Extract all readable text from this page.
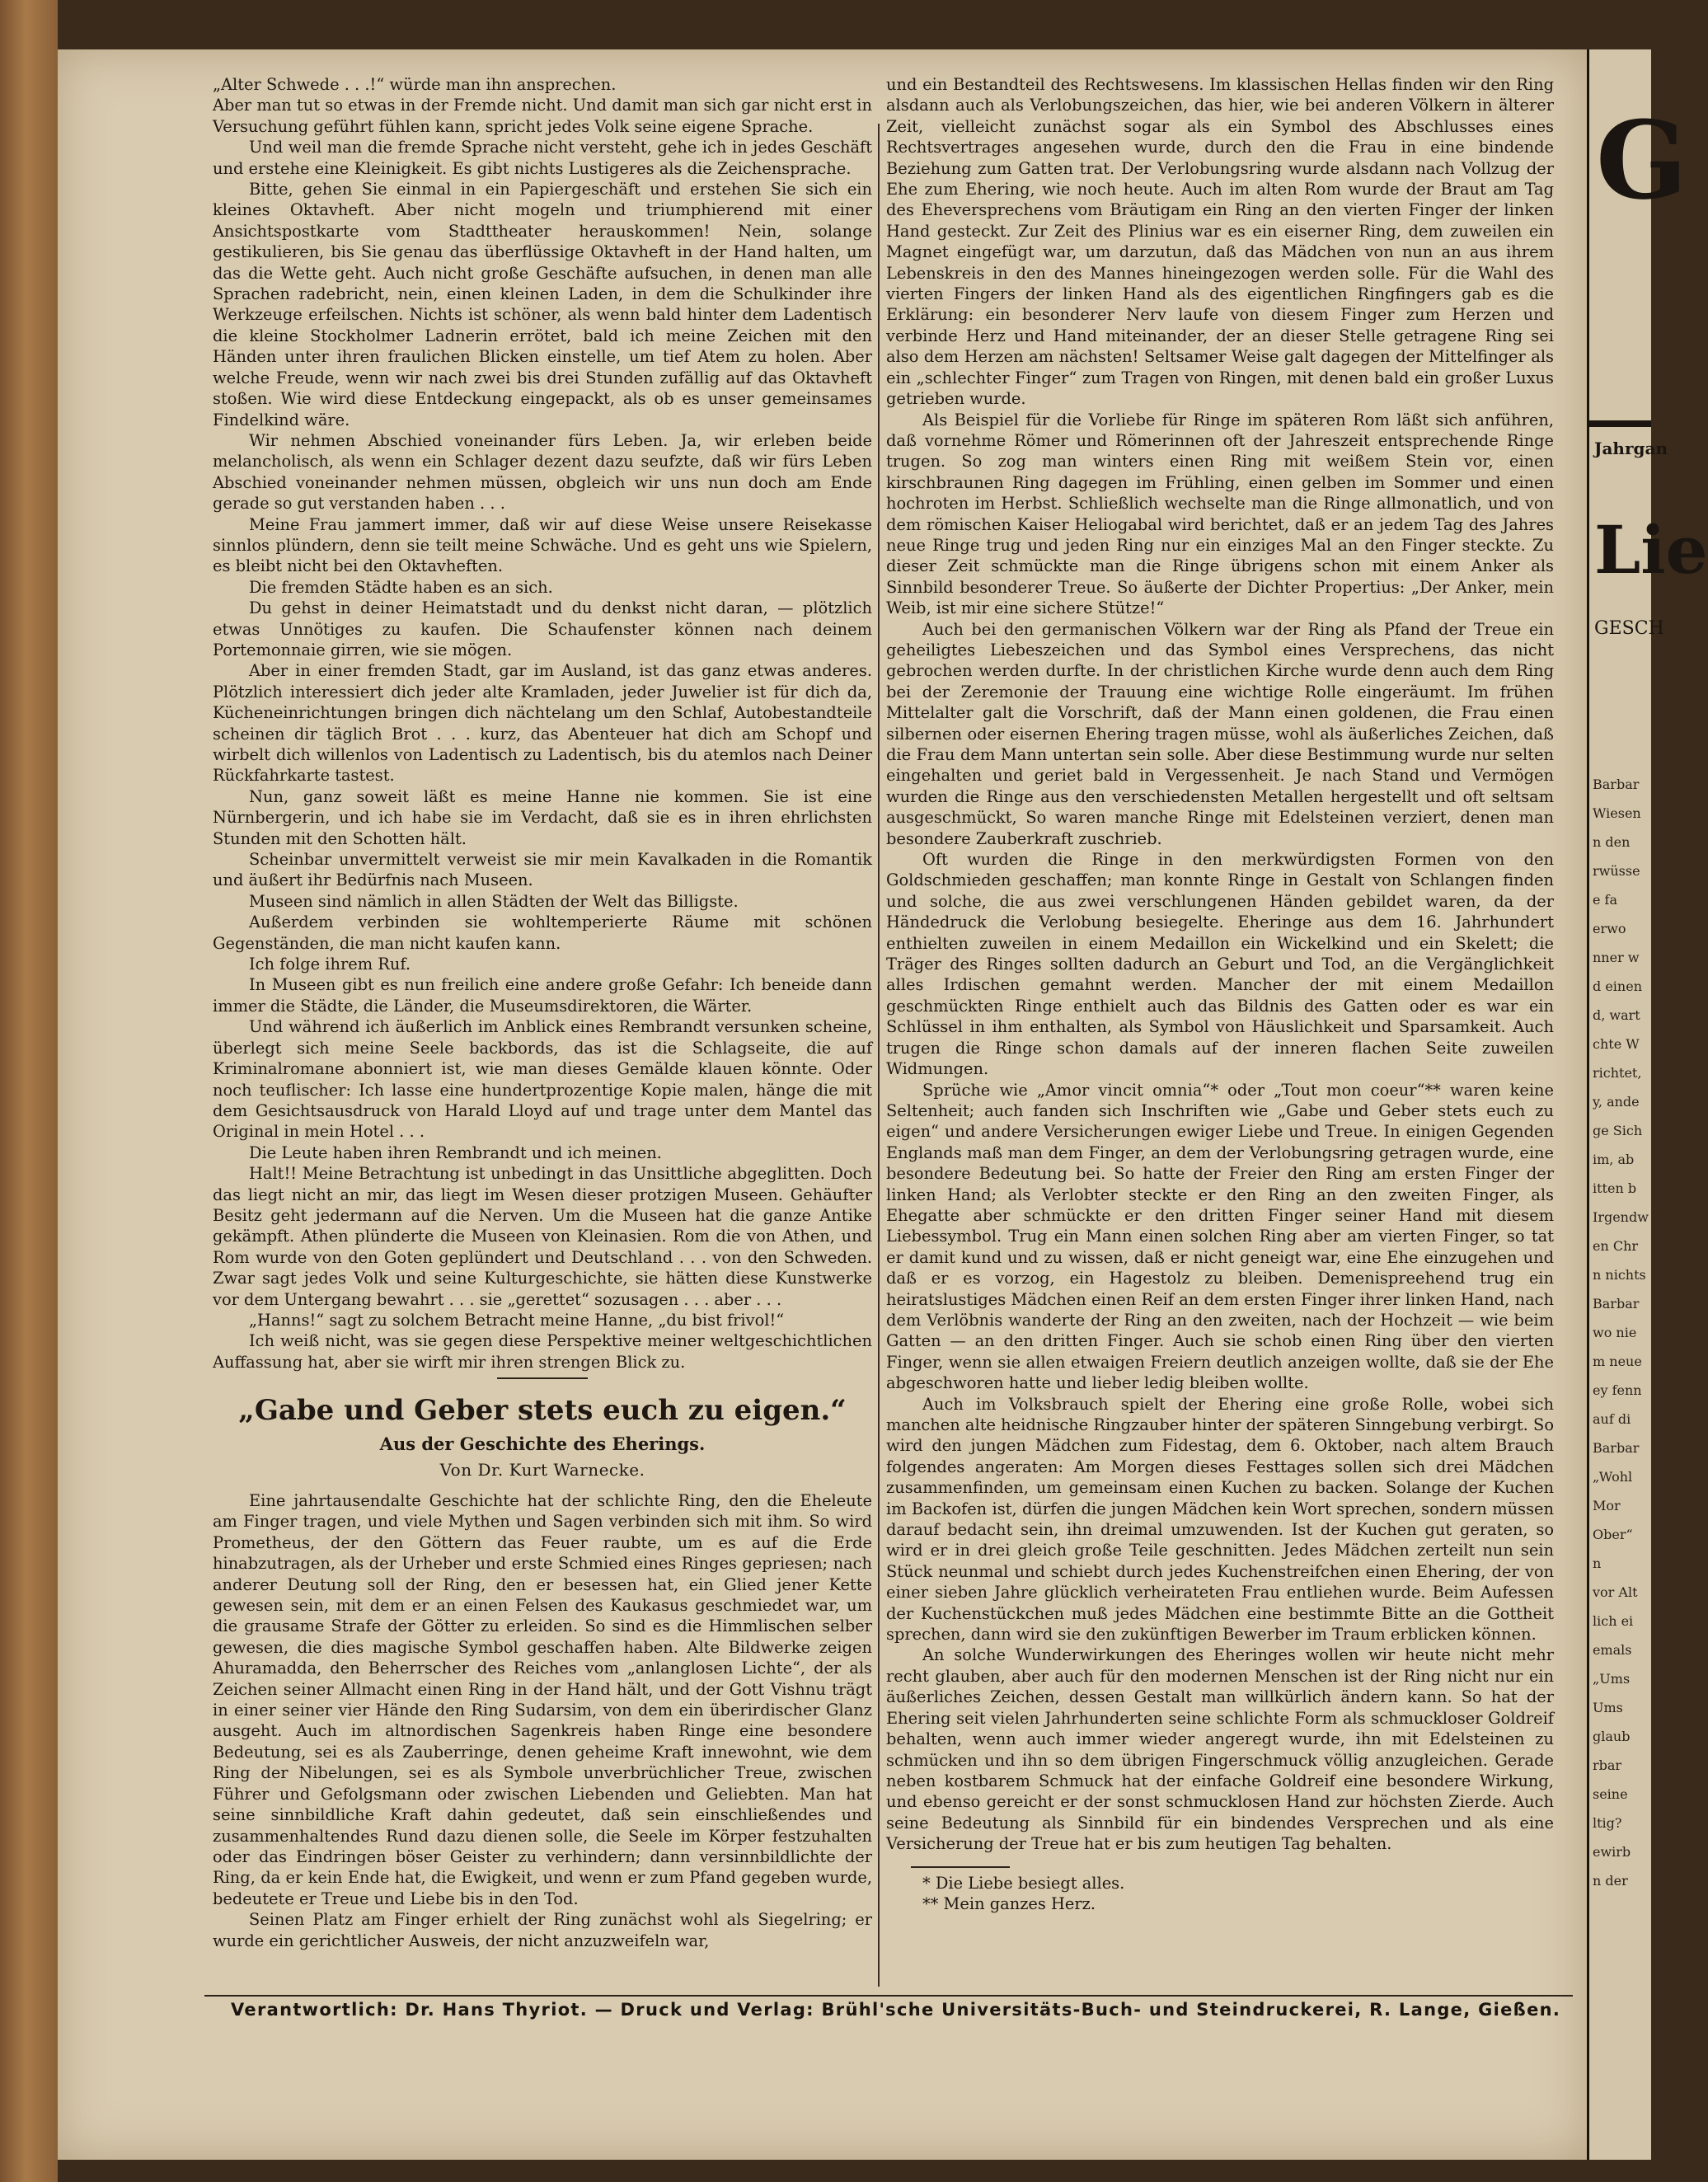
„Alter Schwede . . .!“ würde man ihn ansprechen.

Aber man tut so etwas in der Fremde nicht. Und damit man sich gar nicht erst in Versuchung geführt fühlen kann, spricht jedes Volk seine eigene Sprache.

Und weil man die fremde Sprache nicht versteht, gehe ich in jedes Geschäft und erstehe eine Kleinigkeit. Es gibt nichts Lustigeres als die Zeichensprache.

Bitte, gehen Sie einmal in ein Papiergeschäft und erstehen Sie sich ein kleines Oktavheft. Aber nicht mogeln und triumphierend mit einer Ansichtspostkarte vom Stadttheater herauskommen! Nein, solange gestikulieren, bis Sie genau das überflüssige Oktavheft in der Hand halten, um das die Wette geht. Auch nicht große Geschäfte aufsuchen, in denen man alle Sprachen radebricht, nein, einen kleinen Laden, in dem die Schulkinder ihre Werkzeuge erfeilschen. Nichts ist schöner, als wenn bald hinter dem Ladentisch die kleine Stockholmer Ladnerin errötet, bald ich meine Zeichen mit den Händen unter ihren fraulichen Blicken einstelle, um tief Atem zu holen. Aber welche Freude, wenn wir nach zwei bis drei Stunden zufällig auf das Oktavheft stoßen. Wie wird diese Entdeckung eingepackt, als ob es unser gemeinsames Findelkind wäre.

Wir nehmen Abschied voneinander fürs Leben. Ja, wir erleben beide melancholisch, als wenn ein Schlager dezent dazu seufzte, daß wir fürs Leben Abschied voneinander nehmen müssen, obgleich wir uns nun doch am Ende gerade so gut verstanden haben . . .

Meine Frau jammert immer, daß wir auf diese Weise unsere Reisekasse sinnlos plündern, denn sie teilt meine Schwäche. Und es geht uns wie Spielern, es bleibt nicht bei den Oktavheften.

Die fremden Städte haben es an sich.

Du gehst in deiner Heimatstadt und du denkst nicht daran, — plötzlich etwas Unnötiges zu kaufen. Die Schaufenster können nach deinem Portemonnaie girren, wie sie mögen.

Aber in einer fremden Stadt, gar im Ausland, ist das ganz etwas anderes. Plötzlich interessiert dich jeder alte Kramladen, jeder Juwelier ist für dich da, Kücheneinrichtungen bringen dich nächtelang um den Schlaf, Autobestandteile scheinen dir täglich Brot . . . kurz, das Abenteuer hat dich am Schopf und wirbelt dich willenlos von Ladentisch zu Ladentisch, bis du atemlos nach Deiner Rückfahrkarte tastest.

Nun, ganz soweit läßt es meine Hanne nie kommen. Sie ist eine Nürnbergerin, und ich habe sie im Verdacht, daß sie es in ihren ehrlichsten Stunden mit den Schotten hält.

Scheinbar unvermittelt verweist sie mir mein Kavalkaden in die Romantik und äußert ihr Bedürfnis nach Museen.

Museen sind nämlich in allen Städten der Welt das Billigste.

Außerdem verbinden sie wohltemperierte Räume mit schönen Gegenständen, die man nicht kaufen kann.

Ich folge ihrem Ruf.

In Museen gibt es nun freilich eine andere große Gefahr: Ich beneide dann immer die Städte, die Länder, die Museumsdirektoren, die Wärter.

Und während ich äußerlich im Anblick eines Rembrandt versunken scheine, überlegt sich meine Seele backbords, das ist die Schlagseite, die auf Kriminalromane abonniert ist, wie man dieses Gemälde klauen könnte. Oder noch teuflischer: Ich lasse eine hundertprozentige Kopie malen, hänge die mit dem Gesichtsausdruck von Harald Lloyd auf und trage unter dem Mantel das Original in mein Hotel . . .

Die Leute haben ihren Rembrandt und ich meinen.

Halt!! Meine Betrachtung ist unbedingt in das Unsittliche abgeglitten. Doch das liegt nicht an mir, das liegt im Wesen dieser protzigen Museen. Gehäufter Besitz geht jedermann auf die Nerven. Um die Museen hat die ganze Antike gekämpft. Athen plünderte die Museen von Kleinasien. Rom die von Athen, und Rom wurde von den Goten geplündert und Deutschland . . . von den Schweden. Zwar sagt jedes Volk und seine Kulturgeschichte, sie hätten diese Kunstwerke vor dem Untergang bewahrt . . . sie „gerettet“ sozusagen . . . aber . . .

„Hanns!“ sagt zu solchem Betracht meine Hanne, „du bist frivol!“

Ich weiß nicht, was sie gegen diese Perspektive meiner weltgeschichtlichen Auffassung hat, aber sie wirft mir ihren strengen Blick zu.

„Gabe und Geber stets euch zu eigen.“
Aus der Geschichte des Eherings.
Von Dr. Kurt Warnecke.

Eine jahrtausendalte Geschichte hat der schlichte Ring, den die Eheleute am Finger tragen, und viele Mythen und Sagen verbinden sich mit ihm. So wird Prometheus, der den Göttern das Feuer raubte, um es auf die Erde hinabzutragen, als der Urheber und erste Schmied eines Ringes gepriesen; nach anderer Deutung soll der Ring, den er besessen hat, ein Glied jener Kette gewesen sein, mit dem er an einen Felsen des Kaukasus geschmiedet war, um die grausame Strafe der Götter zu erleiden. So sind es die Himmlischen selber gewesen, die dies magische Symbol geschaffen haben. Alte Bildwerke zeigen Ahuramadda, den Beherrscher des Reiches vom „anlanglosen Lichte“, der als Zeichen seiner Allmacht einen Ring in der Hand hält, und der Gott Vishnu trägt in einer seiner vier Hände den Ring Sudarsim, von dem ein überirdischer Glanz ausgeht. Auch im altnordischen Sagenkreis haben Ringe eine besondere Bedeutung, sei es als Zauberringe, denen geheime Kraft innewohnt, wie dem Ring der Nibelungen, sei es als Symbole unverbrüchlicher Treue, zwischen Führer und Gefolgsmann oder zwischen Liebenden und Geliebten. Man hat seine sinnbildliche Kraft dahin gedeutet, daß sein einschließendes und zusammenhaltendes Rund dazu dienen solle, die Seele im Körper festzuhalten oder das Eindringen böser Geister zu verhindern; dann versinnbildlichte der Ring, da er kein Ende hat, die Ewigkeit, und wenn er zum Pfand gegeben wurde, bedeutete er Treue und Liebe bis in den Tod.

Seinen Platz am Finger erhielt der Ring zunächst wohl als Siegelring; er wurde ein gerichtlicher Ausweis, der nicht anzuzweifeln war,

und ein Bestandteil des Rechtswesens. Im klassischen Hellas finden wir den Ring alsdann auch als Verlobungszeichen, das hier, wie bei anderen Völkern in älterer Zeit, vielleicht zunächst sogar als ein Symbol des Abschlusses eines Rechtsvertrages angesehen wurde, durch den die Frau in eine bindende Beziehung zum Gatten trat. Der Verlobungsring wurde alsdann nach Vollzug der Ehe zum Ehering, wie noch heute. Auch im alten Rom wurde der Braut am Tag des Eheversprechens vom Bräutigam ein Ring an den vierten Finger der linken Hand gesteckt. Zur Zeit des Plinius war es ein eiserner Ring, dem zuweilen ein Magnet eingefügt war, um darzutun, daß das Mädchen von nun an aus ihrem Lebenskreis in den des Mannes hineingezogen werden solle. Für die Wahl des vierten Fingers der linken Hand als des eigentlichen Ringfingers gab es die Erklärung: ein besonderer Nerv laufe von diesem Finger zum Herzen und verbinde Herz und Hand miteinander, der an dieser Stelle getragene Ring sei also dem Herzen am nächsten! Seltsamer Weise galt dagegen der Mittelfinger als ein „schlechter Finger“ zum Tragen von Ringen, mit denen bald ein großer Luxus getrieben wurde.

Als Beispiel für die Vorliebe für Ringe im späteren Rom läßt sich anführen, daß vornehme Römer und Römerinnen oft der Jahreszeit entsprechende Ringe trugen. So zog man winters einen Ring mit weißem Stein vor, einen kirschbraunen Ring dagegen im Frühling, einen gelben im Sommer und einen hochroten im Herbst. Schließlich wechselte man die Ringe allmonatlich, und von dem römischen Kaiser Heliogabal wird berichtet, daß er an jedem Tag des Jahres neue Ringe trug und jeden Ring nur ein einziges Mal an den Finger steckte. Zu dieser Zeit schmückte man die Ringe übrigens schon mit einem Anker als Sinnbild besonderer Treue. So äußerte der Dichter Propertius: „Der Anker, mein Weib, ist mir eine sichere Stütze!“

Auch bei den germanischen Völkern war der Ring als Pfand der Treue ein geheiligtes Liebeszeichen und das Symbol eines Versprechens, das nicht gebrochen werden durfte. In der christlichen Kirche wurde denn auch dem Ring bei der Zeremonie der Trauung eine wichtige Rolle eingeräumt. Im frühen Mittelalter galt die Vorschrift, daß der Mann einen goldenen, die Frau einen silbernen oder eisernen Ehering tragen müsse, wohl als äußerliches Zeichen, daß die Frau dem Mann untertan sein solle. Aber diese Bestimmung wurde nur selten eingehalten und geriet bald in Vergessenheit. Je nach Stand und Vermögen wurden die Ringe aus den verschiedensten Metallen hergestellt und oft seltsam ausgeschmückt, So waren manche Ringe mit Edelsteinen verziert, denen man besondere Zauberkraft zuschrieb.

Oft wurden die Ringe in den merkwürdigsten Formen von den Goldschmieden geschaffen; man konnte Ringe in Gestalt von Schlangen finden und solche, die aus zwei verschlungenen Händen gebildet waren, da der Händedruck die Verlobung besiegelte. Eheringe aus dem 16. Jahrhundert enthielten zuweilen in einem Medaillon ein Wickelkind und ein Skelett; die Träger des Ringes sollten dadurch an Geburt und Tod, an die Vergänglichkeit alles Irdischen gemahnt werden. Mancher der mit einem Medaillon geschmückten Ringe enthielt auch das Bildnis des Gatten oder es war ein Schlüssel in ihm enthalten, als Symbol von Häuslichkeit und Sparsamkeit. Auch trugen die Ringe schon damals auf der inneren flachen Seite zuweilen Widmungen.

Sprüche wie „Amor vincit omnia“* oder „Tout mon coeur“** waren keine Seltenheit; auch fanden sich Inschriften wie „Gabe und Geber stets euch zu eigen“ und andere Versicherungen ewiger Liebe und Treue. In einigen Gegenden Englands maß man dem Finger, an dem der Verlobungsring getragen wurde, eine besondere Bedeutung bei. So hatte der Freier den Ring am ersten Finger der linken Hand; als Verlobter steckte er den Ring an den zweiten Finger, als Ehegatte aber schmückte er den dritten Finger seiner Hand mit diesem Liebessymbol. Trug ein Mann einen solchen Ring aber am vierten Finger, so tat er damit kund und zu wissen, daß er nicht geneigt war, eine Ehe einzugehen und daß er es vorzog, ein Hagestolz zu bleiben. Demenispreehend trug ein heiratslustiges Mädchen einen Reif an dem ersten Finger ihrer linken Hand, nach dem Verlöbnis wanderte der Ring an den zweiten, nach der Hochzeit — wie beim Gatten — an den dritten Finger. Auch sie schob einen Ring über den vierten Finger, wenn sie allen etwaigen Freiern deutlich anzeigen wollte, daß sie der Ehe abgeschworen hatte und lieber ledig bleiben wollte.

Auch im Volksbrauch spielt der Ehering eine große Rolle, wobei sich manchen alte heidnische Ringzauber hinter der späteren Sinngebung verbirgt. So wird den jungen Mädchen zum Fidestag, dem 6. Oktober, nach altem Brauch folgendes angeraten: Am Morgen dieses Festtages sollen sich drei Mädchen zusammenfinden, um gemeinsam einen Kuchen zu backen. Solange der Kuchen im Backofen ist, dürfen die jungen Mädchen kein Wort sprechen, sondern müssen darauf bedacht sein, ihn dreimal umzuwenden. Ist der Kuchen gut geraten, so wird er in drei gleich große Teile geschnitten. Jedes Mädchen zerteilt nun sein Stück neunmal und schiebt durch jedes Kuchenstreifchen einen Ehering, der von einer sieben Jahre glücklich verheirateten Frau entliehen wurde. Beim Aufessen der Kuchenstückchen muß jedes Mädchen eine bestimmte Bitte an die Gottheit sprechen, dann wird sie den zukünftigen Bewerber im Traum erblicken können.

An solche Wunderwirkungen des Eheringes wollen wir heute nicht mehr recht glauben, aber auch für den modernen Menschen ist der Ring nicht nur ein äußerliches Zeichen, dessen Gestalt man willkürlich ändern kann. So hat der Ehering seit vielen Jahrhunderten seine schlichte Form als schmuckloser Goldreif behalten, wenn auch immer wieder angeregt wurde, ihn mit Edelsteinen zu schmücken und ihn so dem übrigen Fingerschmuck völlig anzugleichen. Gerade neben kostbarem Schmuck hat der einfache Goldreif eine besondere Wirkung, und ebenso gereicht er der sonst schmucklosen Hand zur höchsten Zierde. Auch seine Bedeutung als Sinnbild für ein bindendes Versprechen und als eine Versicherung der Treue hat er bis zum heutigen Tag behalten.

* Die Liebe besiegt alles.

** Mein ganzes Herz.

Verantwortlich: Dr. Hans Thyriot. — Druck und Verlag: Brühl'sche Universitäts-Buch- und Steindruckerei, R. Lange, Gießen.
G
Jahrgan
Lie
GESCH
Barbar
Wiesen
n den
rwüsse
e fa
erwo
nner w
d einen
d, wart
chte W
richtet,
y, ande
ge Sich
im, ab
itten b
Irgendw
en Chr
n nichts
Barbar
wo nie
m neue
ey fenn
auf di
Barbar
„Wohl
Mor
Ober“
n
vor Alt
lich ei
emals
„Ums
Ums
glaub
rbar
seine
ltig?
ewirb
n der
